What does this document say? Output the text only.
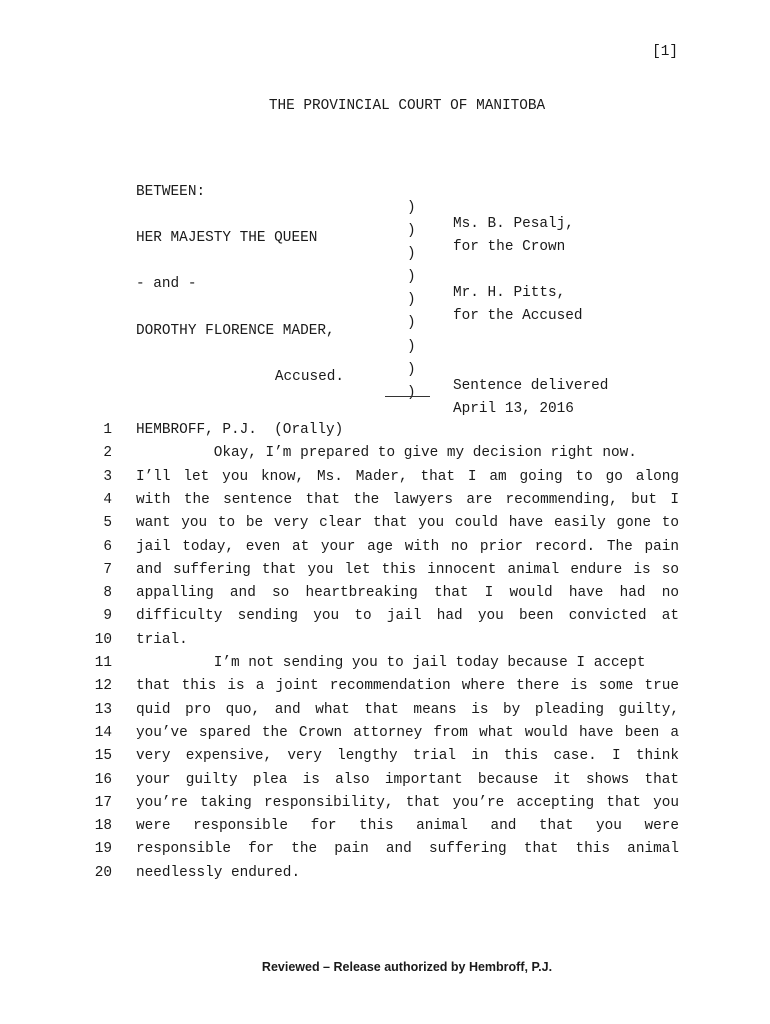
[1]
THE PROVINCIAL COURT OF MANITOBA

BETWEEN:

)

Ms. B. Pesalj,

)

for the Crown

HER MAJESTY THE QUEEN

)

)

Mr. H. Pitts,

- and -

)

for the Accused

)

DOROTHY FLORENCE MADER,

)

)

Sentence delivered

Accused.

)

April 13, 2016

1 HEMBROFF, P.J.  (Orally)
2 Okay, I’m prepared to give my decision right now.
3 I’ll let you know, Ms. Mader, that I am going to go along
4 with the sentence that the lawyers are recommending, but I
5 want you to be very clear that you could have easily gone to
6 jail today, even at your age with no prior record. The pain
7 and suffering that you let this innocent animal endure is so
8 appalling and so heartbreaking that I would have had no
9 difficulty sending you to jail had you been convicted at
10 trial.
11 I’m not sending you to jail today because I accept
12 that this is a joint recommendation where there is some true
13 quid pro quo, and what that means is by pleading guilty,
14 you’ve spared the Crown attorney from what would have been a
15 very expensive, very lengthy trial in this case. I think
16 your guilty plea is also important because it shows that
17 you’re taking responsibility, that you’re accepting that you
18 were responsible for this animal and that you were
19 responsible for the pain and suffering that this animal
20 needlessly endured.
Reviewed – Release authorized by Hembroff, P.J.
